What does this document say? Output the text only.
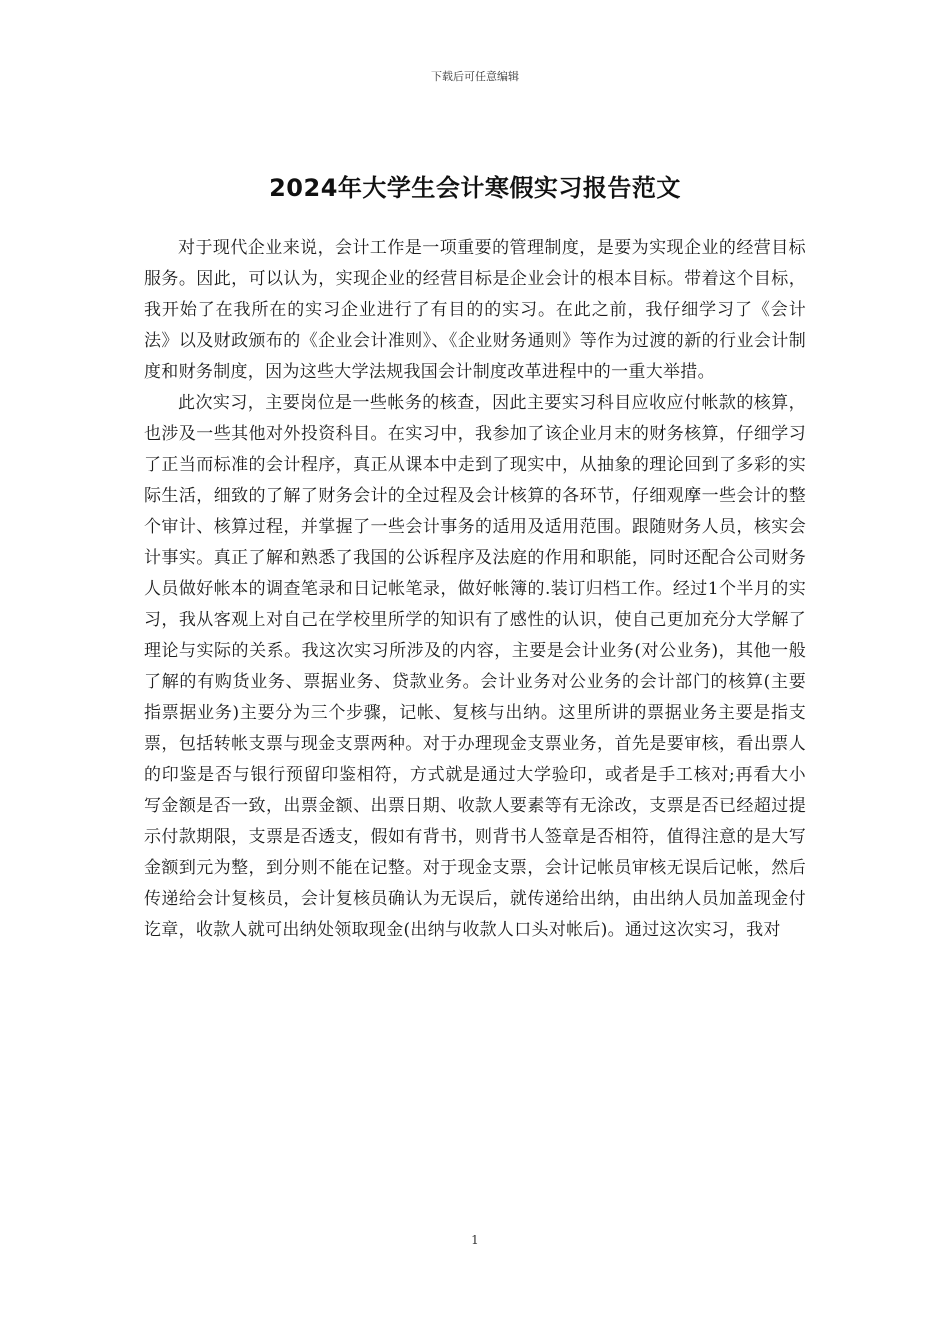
下载后可任意编辑
2024年大学生会计寒假实习报告范文

对于现代企业来说，会计工作是一项重要的管理制度，是要为实现企业的经营目标服务。因此，可以认为，实现企业的经营目标是企业会计的根本目标。带着这个目标，我开始了在我所在的实习企业进行了有目的的实习。在此之前，我仔细学习了《会计法》以及财政颁布的《企业会计准则》、《企业财务通则》等作为过渡的新的行业会计制度和财务制度，因为这些大学法规我国会计制度改革进程中的一重大举措。

此次实习，主要岗位是一些帐务的核查，因此主要实习科目应收应付帐款的核算，也涉及一些其他对外投资科目。在实习中，我参加了该企业月末的财务核算，仔细学习了正当而标准的会计程序，真正从课本中走到了现实中，从抽象的理论回到了多彩的实际生活，细致的了解了财务会计的全过程及会计核算的各环节，仔细观摩一些会计的整个审计、核算过程，并掌握了一些会计事务的适用及适用范围。跟随财务人员，核实会计事实。真正了解和熟悉了我国的公诉程序及法庭的作用和职能，同时还配合公司财务人员做好帐本的调查笔录和日记帐笔录，做好帐簿的.装订归档工作。经过1个半月的实习，我从客观上对自己在学校里所学的知识有了感性的认识，使自己更加充分大学解了理论与实际的关系。我这次实习所涉及的内容，主要是会计业务(对公业务)，其他一般了解的有购货业务、票据业务、贷款业务。会计业务对公业务的会计部门的核算(主要指票据业务)主要分为三个步骤，记帐、复核与出纳。这里所讲的票据业务主要是指支票，包括转帐支票与现金支票两种。对于办理现金支票业务，首先是要审核，看出票人的印鉴是否与银行预留印鉴相符，方式就是通过大学验印，或者是手工核对;再看大小写金额是否一致，出票金额、出票日期、收款人要素等有无涂改，支票是否已经超过提示付款期限，支票是否透支，假如有背书，则背书人签章是否相符，值得注意的是大写金额到元为整，到分则不能在记整。对于现金支票，会计记帐员审核无误后记帐，然后传递给会计复核员，会计复核员确认为无误后，就传递给出纳，由出纳人员加盖现金付讫章，收款人就可出纳处领取现金(出纳与收款人口头对帐后)。通过这次实习，我对

1
